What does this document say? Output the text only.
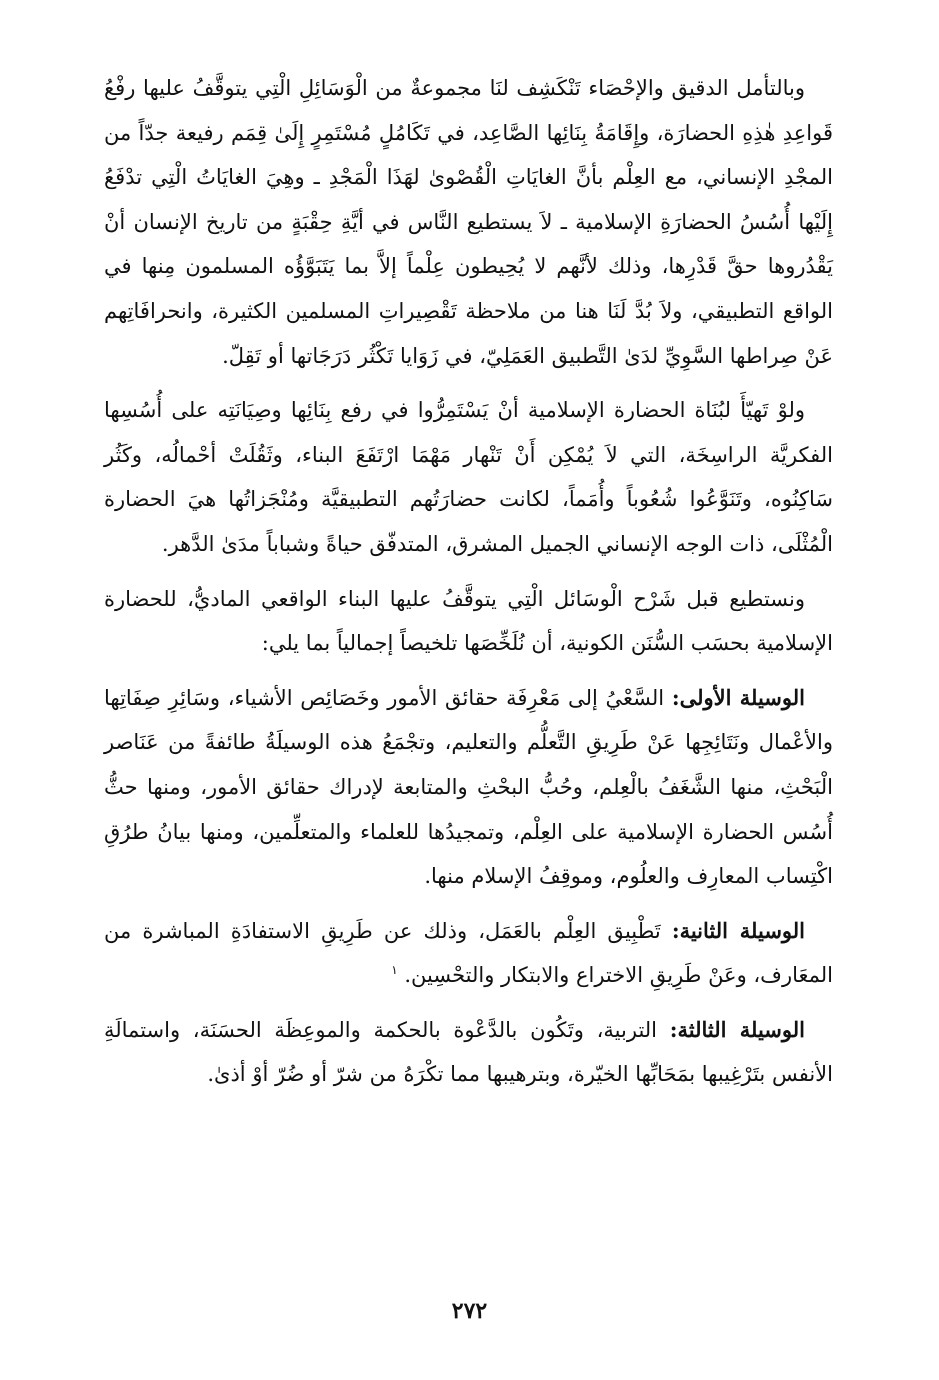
وبالتأمل الدقيق والإحْصَاء تَنْكَشِف لنَا مجموعةٌ من الْوَسَائِلِ الْتِي يتوقَّفُ عليها رفْعُ قَواعِدِ هٰذِهِ الحضارَة، وإِقَامَةُ بِنَائِها الصَّاعِد، في تَكَامُلٍ مُسْتَمِرٍ إِلَىٰ قِمَم رفيعة جدّاً من المجْدِ الإنساني، مع العِلْم بأنَّ الغايَاتِ الْقُصْوىٰ لهَذَا الْمَجْدِ ـ وهِيَ الغايَاتُ الْتِي تدْفَعُ إِلَيْها أُسُسُ الحضارَةِ الإسلامية ـ لاَ يستطيع النَّاس في أيَّةِ حِقْبَةٍ من تاريخ الإنسان أنْ يَقْدُروها حقَّ قَدْرِها، وذلك لأنَّهم لا يُحِيطون عِلْماً إلاَّ بما يَتَبَوَّؤُه المسلمون مِنها في الواقع التطبيقي، ولاَ بُدَّ لَنَا هنا من ملاحظة تَقْصِيراتِ المسلمين الكثيرة، وانحرافَاتِهم عَنْ صِراطها السَّوِيِّ لدَىٰ التَّطبيق العَمَلِيّ، في زَوَايا تَكْثُر دَرَجَاتها أو تَقِلّ.

ولوْ تَهيّأَ لبُنَاة الحضارة الإسلامية أنْ يَسْتَمِرُّوا في رفع بِنَائِها وصِيَانَتِه على أُسُسِها الفكريَّة الراسِخَة، التي لاَ يُمْكِن أَنْ تَنْهار مَهْمَا ارْتَفَعَ البناء، وثَقُلَتْ أحْمالُه، وكَثُر سَاكِنُوه، وتَنَوَّعُوا شُعُوباً وأُمَماً، لكانت حضارَتُهم التطبيقيَّة ومُنْجَزاتُها هيَ الحضارة الْمُثْلَى، ذات الوجه الإنساني الجميل المشرق، المتدفّق حياةً وشباباً مدَىٰ الدَّهر.

ونستطيع قبل شَرْح الْوسَائل الْتِي يتوقَّفُ عليها البناء الواقعي الماديُّ، للحضارة الإسلامية بحسَب السُّنَن الكونية، أن نُلَخِّصَها تلخيصاً إجمالياً بما يلي:

الوسيلة الأولى: السَّعْيُ إلى مَعْرِفَة حقائق الأمور وخَصَائِص الأشياء، وسَائِرِ صِفَاتِها والأعْمال ونَتَائِجِها عَنْ طَرِيقِ التَّعلُّم والتعليم، وتجْمَعُ هذه الوسيلَةُ طائفةً من عَنَاصر الْبَحْثِ، منها الشَّغَفُ بالْعِلم، وحُبُّ البحْثِ والمتابعة لإدراك حقائق الأمور، ومنها حثُّ أُسُس الحضارة الإسلامية على العِلْم، وتمجيدُها للعلماء والمتعلِّمين، ومنها بيانُ طرُقِ اكْتِساب المعارِف والعلُوم، وموقِفُ الإسلام منها.

الوسيلة الثانية: تَطْبِيق العِلْم بالعَمَل، وذلك عن طَرِيقِ الاستفادَةِ المباشرة من المعَارف، وعَنْ طَرِيقِ الاختراع والابتكار والتحْسِين. $^١$

الوسيلة الثالثة: التربية، وتَكُون بالدَّعْوة بالحكمة والموعِظَة الحسَنَة، واستمالَةِ الأنفس بتَرْغِيبها بمَحَابِّها الخيّرة، وبترهيبها مما تكْرَهُ من شرّ أو ضُرّ أوْ أذىٰ.

٢٧٢
